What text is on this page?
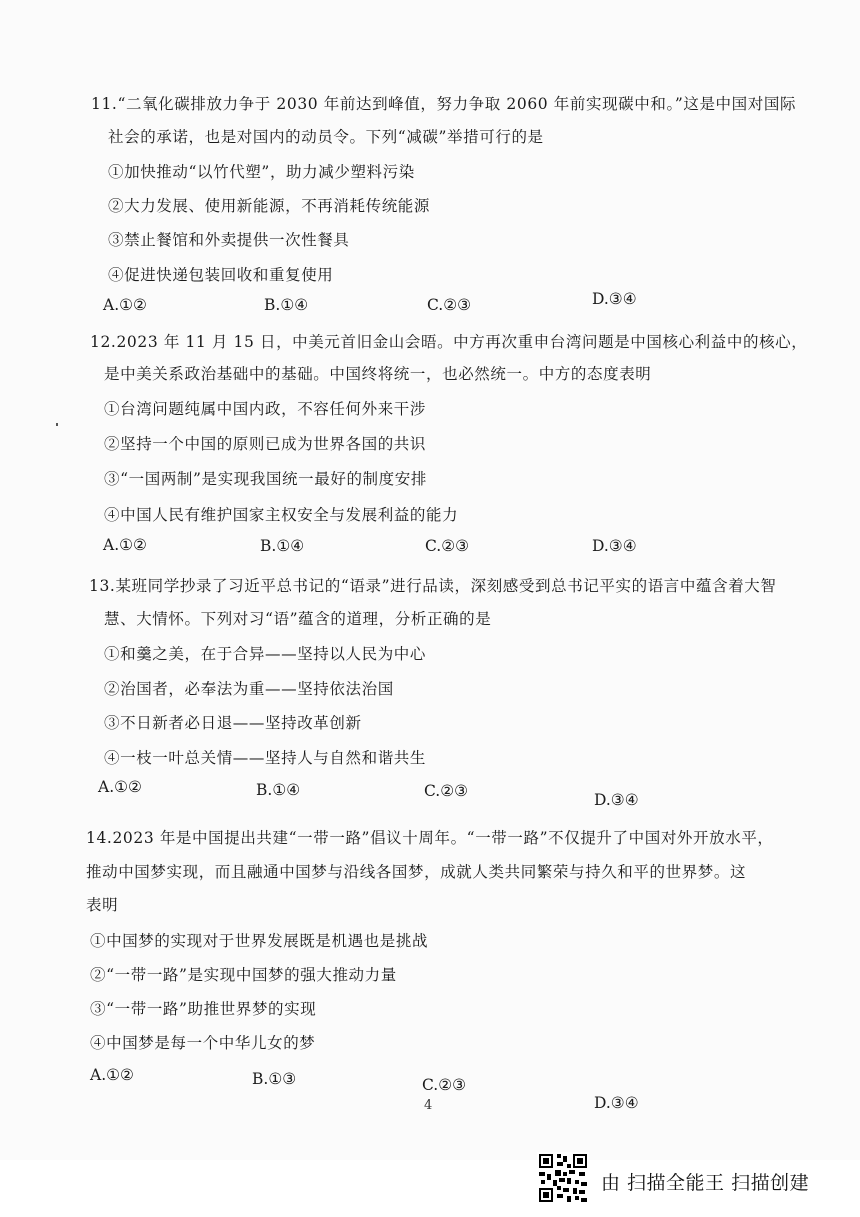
11.“二氧化碳排放力争于 2030 年前达到峰值，努力争取 2060 年前实现碳中和。”这是中国对国际
社会的承诺，也是对国内的动员令。下列“减碳”举措可行的是
①加快推动“以竹代塑”，助力减少塑料污染
②大力发展、使用新能源，不再消耗传统能源
③禁止餐馆和外卖提供一次性餐具
④促进快递包装回收和重复使用
A.①②	B.①④	C.②③	D.③④
12.2023 年 11 月 15 日，中美元首旧金山会晤。中方再次重申台湾问题是中国核心利益中的核心，
是中美关系政治基础中的基础。中国终将统一，也必然统一。中方的态度表明
①台湾问题纯属中国内政，不容任何外来干涉
②坚持一个中国的原则已成为世界各国的共识
③“一国两制”是实现我国统一最好的制度安排
④中国人民有维护国家主权安全与发展利益的能力
A.①②	B.①④	C.②③	D.③④
13.某班同学抄录了习近平总书记的“语录”进行品读，深刻感受到总书记平实的语言中蕴含着大智
慧、大情怀。下列对习“语”蕴含的道理，分析正确的是
①和羹之美，在于合异——坚持以人民为中心
②治国者，必奉法为重——坚持依法治国
③不日新者必日退——坚持改革创新
④一枝一叶总关情——坚持人与自然和谐共生
A.①②	B.①④	C.②③	D.③④
14.2023 年是中国提出共建“一带一路”倡议十周年。“一带一路”不仅提升了中国对外开放水平，
推动中国梦实现，而且融通中国梦与沿线各国梦，成就人类共同繁荣与持久和平的世界梦。这
表明
①中国梦的实现对于世界发展既是机遇也是挑战
②“一带一路”是实现中国梦的强大推动力量
③“一带一路”助推世界梦的实现
④中国梦是每一个中华儿女的梦
A.①②	B.①③	C.②③
D.③④
4
由 扫描全能王 扫描创建
